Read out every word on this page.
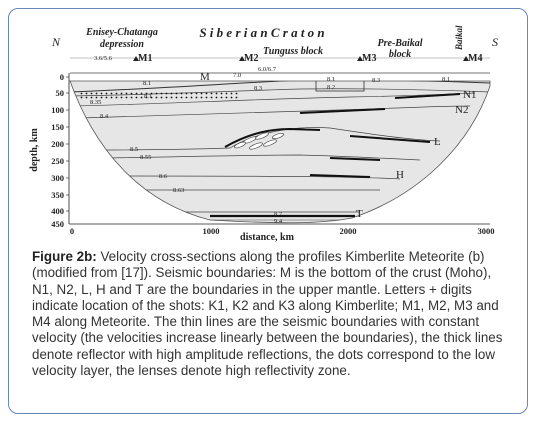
0
50
100
150
200
250
300
350
400
450
depth, km
0	1000	2000	3000
distance, km
N	S
Enisey-Chatanga
depression
S i b e r i a n C r a t o n
Tunguss block
Pre-Baikal
block
Baikal
M1	M2	M3	M4
M
N1
N2
L
H
T
3.6/5.6
6.0/6.7
7.0
8.1
8.3
8.1
8.2
8.3	8.1
8.1
8.35
8.4
8.5
8.55
8.6
8.63
8.7
9.4

Figure 2b: Velocity cross-sections along the profiles Kimberlite Meteorite (b) (modified from [17]). Seismic boundaries: M is the bottom of the crust (Moho), N1, N2, L, H and T are the boundaries in the upper mantle. Letters + digits indicate location of the shots: K1, K2 and K3 along Kimberlite; M1, M2, M3 and M4 along Meteorite. The thin lines are the seismic boundaries with constant velocity (the velocities increase linearly between the boundaries), the thick lines denote reflector with high amplitude reflections, the dots correspond to the low velocity layer, the lenses denote high reflectivity zone.
